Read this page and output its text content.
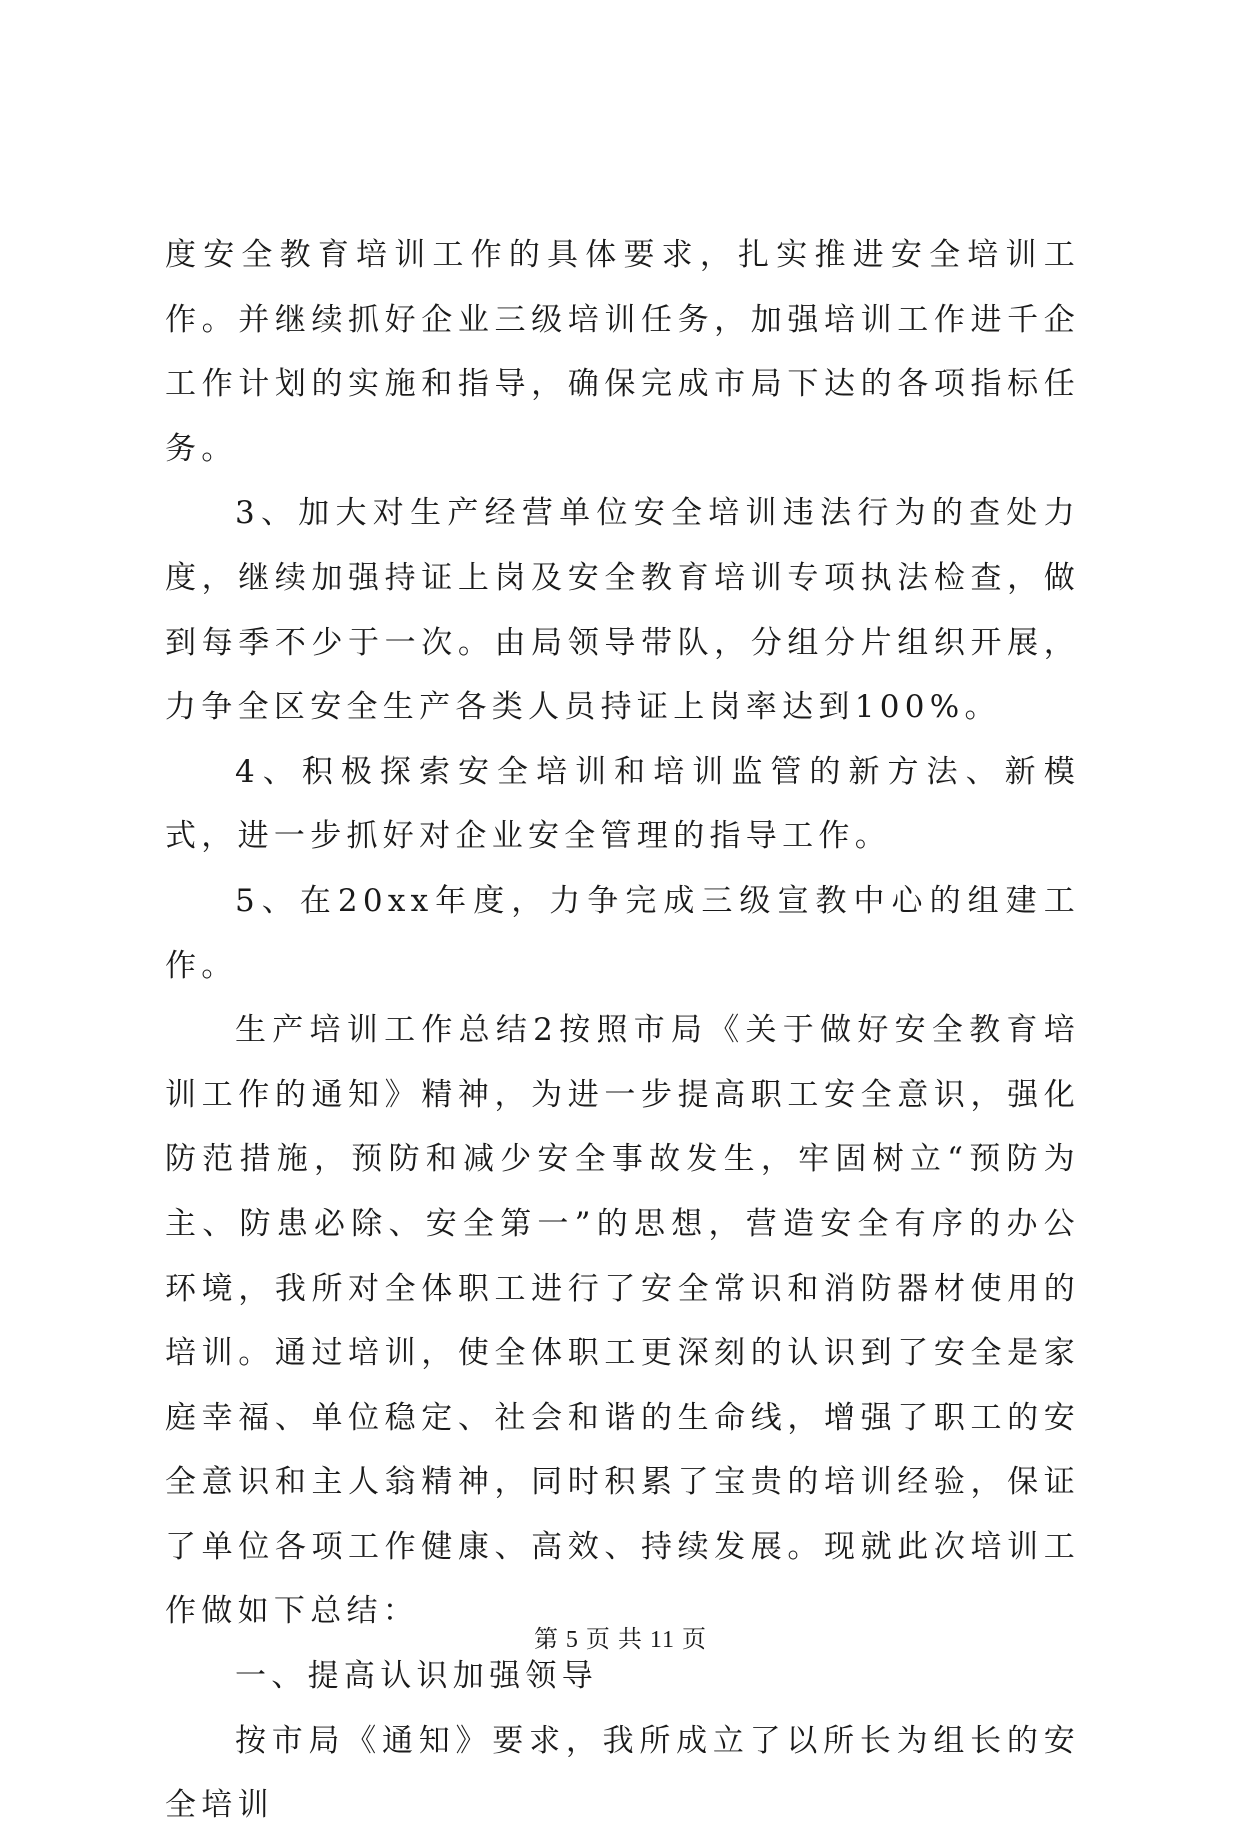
度安全教育培训工作的具体要求，扎实推进安全培训工作。并继续抓好企业三级培训任务，加强培训工作进千企工作计划的实施和指导，确保完成市局下达的各项指标任务。

3、加大对生产经营单位安全培训违法行为的查处力度，继续加强持证上岗及安全教育培训专项执法检查，做到每季不少于一次。由局领导带队，分组分片组织开展，力争全区安全生产各类人员持证上岗率达到100%。

4、积极探索安全培训和培训监管的新方法、新模式，进一步抓好对企业安全管理的指导工作。

5、在20xx年度，力争完成三级宣教中心的组建工作。

生产培训工作总结2按照市局《关于做好安全教育培训工作的通知》精神，为进一步提高职工安全意识，强化防范措施，预防和减少安全事故发生，牢固树立“预防为主、防患必除、安全第一”的思想，营造安全有序的办公环境，我所对全体职工进行了安全常识和消防器材使用的培训。通过培训，使全体职工更深刻的认识到了安全是家庭幸福、单位稳定、社会和谐的生命线，增强了职工的安全意识和主人翁精神，同时积累了宝贵的培训经验，保证了单位各项工作健康、高效、持续发展。现就此次培训工作做如下总结：

一、提高认识加强领导

按市局《通知》要求，我所成立了以所长为组长的安全培训

第 5 页 共 11 页
